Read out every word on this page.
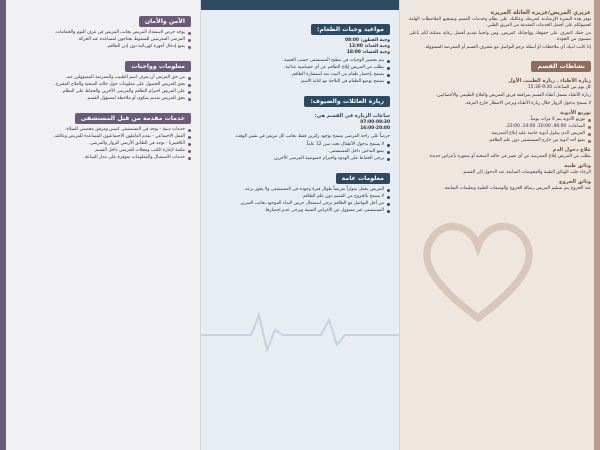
عزيزي المريض/عزيزة العائلة المريزة

توفر هذه النشرة الإرشادية لتعريفك وعائلتك على نظام وخدمات القسم وتشجيع الملاحظات الهامة لحصولكم على أفضل الخدمات المقدمة من الفريق الطبي.

من حقك التعرف على حقوقك وواجباتك كمريض، ومن واجبنا تقديم أفضل رعاية ممكنة لكم بأعلى مستوى من الجودة.

إذا كانت لديك أي ملاحظات أو أسئلة نرجو التواصل مع مشرف القسم أو الممرضة المسؤولة.

نشاطات القسم
زيارة الأطباء ـ زيارة الطبيب الأول

كل يوم بين الساعات 9:30-15:30

زيارة الأطباء تشمل أطباء القسم بمرافقة فريق التمريض والعلاج الطبيعي والأخصائيين.

لا يسمح بدخول الزوار خلال زيارة الأطباء ويرجى الانتظار خارج الغرفة.

توزيع الأدوية
توزيع الأدوية يتم 4 مرات يومياً.
الساعات: 06:00، 10:00، 14:00، 22:00.
المريض الذي يتناول أدوية خاصة عليه إبلاغ الممرضة.
يمنع أخذ أدوية من خارج المستشفى دون علم الطاقم.
علاج دخول الدم

يطلب من المريض إبلاغ الممرضة عن أي تغيير في حالته الصحية أو شعوره بأعراض جديدة.

وثائق طبية

الرجاء جلب الوثائق الطبية والفحوصات السابقة عند الدخول إلى القسم.

وثائق الخروج

عند الخروج يتم تسليم المريض رسالة الخروج والوصفات الطبية وتعليمات المتابعة.

مواعيد وجبات الطعام:
وجبة الفطور: 08:00
وجبة الغداء: 12:00
وجبة العشاء: 18:00
يتم تحضير الوجبات في مطبخ المستشفى حسب الحمية.
يطلب من المريض إبلاغ الطاقم عن أي حساسية غذائية.
يسمح بإحضار طعام من البيت بعد استشارة الطاقم.
يسمح بوضع الطعام في الثلاجة مع كتابة الاسم.
زيارة العائلات والضيوف:
ساعات الزيارة في القسم هي:
07:00-09:30
16:00-20:00

حرصاً على راحة المرضى يسمح بوجود زائرين فقط بجانب كل مريض في نفس الوقت.

لا يسمح بدخول الأطفال تحت سن 12 عاماً.
يمنع التدخين داخل المستشفى.
يرجى الحفاظ على الهدوء واحترام خصوصية المرضى الآخرين.
معلومات عامة
المريض يحمل سواراً تعريفياً طوال فترة وجوده في المستشفى ولا يجوز نزعه.
لا يسمح بالخروج من القسم دون علم الطاقم.
من أجل التواصل مع الطاقم يرجى استعمال جرس النداء الموجود بجانب السرير.
المستشفى غير مسؤول عن الأغراض الثمينة ويرجى عدم إحضارها.
الأمن والأمان
يوجد حرص لاستعداد المريض بجانب المريض في غرف النوم والحمامات.
المرضى المعرضين للسقوط يحتاجون لمساعدة عند الحركة.
يمنع إدخال أجهزة كهربائية دون إذن الطاقم.
معلومات وواجبات
من حق المريض أن يعرف اسم الطبيب والممرضة المسؤولين عنه.
يحق للمريض الحصول على معلومات حول حالته الصحية والعلاج المقترح.
على المريض احترام الطاقم والمرضى الآخرين والحفاظ على النظام.
يحق للمريض تقديم شكوى أو ملاحظة لمسؤول القسم.
خدمات مقدمة من قبل المستشفى
خدمات دينية - يوجد في المستشفى كنيس ومرفق مخصص للصلاة.
العمل الاجتماعي - يقدم العاملون الاجتماعيون المساعدة للمريض وعائلته.
الكافيتريا - توجد في الطابق الأرضي للزوار والمرضى.
مكتبة لإعارة الكتب ومجلات للمرضى داخل القسم.
خدمات الاستقبال والمعلومات متوفرة على مدار الساعة.
